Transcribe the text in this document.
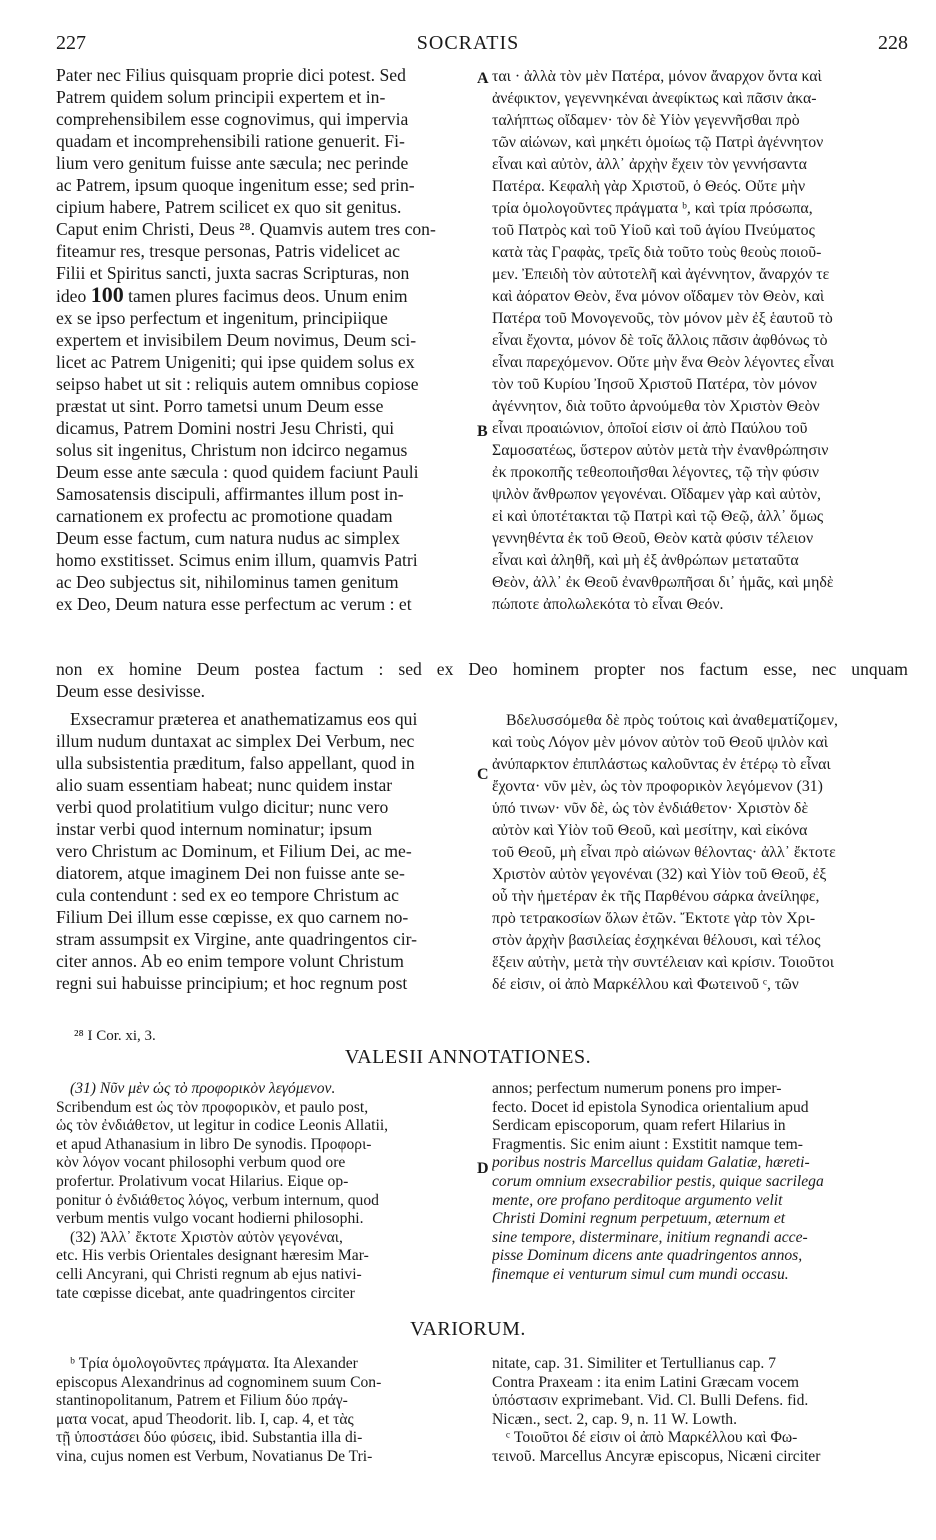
227	SOCRATIS	228
A
B
C
D
Pater nec Filius quisquam proprie dici potest. Sed
Patrem quidem solum principii expertem et in-
comprehensibilem esse cognovimus, qui impervia
quadam et incomprehensibili ratione genuerit. Fi-
lium vero genitum fuisse ante sæcula; nec perinde
ac Patrem, ipsum quoque ingenitum esse; sed prin-
cipium habere, Patrem scilicet ex quo sit genitus.
Caput enim Christi, Deus ²⁸. Quamvis autem tres con-
fiteamur res, tresque personas, Patris videlicet ac
Filii et Spiritus sancti, juxta sacras Scripturas, non
ideo 100 tamen plures facimus deos. Unum enim
ex se ipso perfectum et ingenitum, principiique
expertem et invisibilem Deum novimus, Deum sci-
licet ac Patrem Unigeniti; qui ipse quidem solus ex
seipso habet ut sit : reliquis autem omnibus copiose
præstat ut sint. Porro tametsi unum Deum esse
dicamus, Patrem Domini nostri Jesu Christi, qui
solus sit ingenitus, Christum non idcirco negamus
Deum esse ante sæcula : quod quidem faciunt Pauli
Samosatensis discipuli, affirmantes illum post in-
carnationem ex profectu ac promotione quadam
Deum esse factum, cum natura nudus ac simplex
homo exstitisset. Scimus enim illum, quamvis Patri
ac Deo subjectus sit, nihilominus tamen genitum
ex Deo, Deum natura esse perfectum ac verum : et
ται · ἀλλὰ τὸν μὲν Πατέρα, μόνον ἄναρχον ὄντα καὶ
ἀνέφικτον, γεγεννηκέναι ἀνεφίκτως καὶ πᾶσιν ἀκα-
ταλήπτως οἴδαμεν· τὸν δὲ Υἱὸν γεγεννῆσθαι πρὸ
τῶν αἰώνων, καὶ μηκέτι ὁμοίως τῷ Πατρὶ ἀγέννητον
εἶναι καὶ αὐτὸν, ἀλλ᾽ ἀρχὴν ἔχειν τὸν γεννήσαντα
Πατέρα. Κεφαλὴ γὰρ Χριστοῦ, ὁ Θεός. Οὔτε μὴν
τρία ὁμολογοῦντες πράγματα ᵇ, καὶ τρία πρόσωπα,
τοῦ Πατρὸς καὶ τοῦ Υἱοῦ καὶ τοῦ ἁγίου Πνεύματος
κατὰ τὰς Γραφὰς, τρεῖς διὰ τοῦτο τοὺς θεοὺς ποιοῦ-
μεν. Ἐπειδὴ τὸν αὐτοτελῆ καὶ ἀγέννητον, ἄναρχόν τε
καὶ ἀόρατον Θεὸν, ἕνα μόνον οἴδαμεν τὸν Θεὸν, καὶ
Πατέρα τοῦ Μονογενοῦς, τὸν μόνον μὲν ἐξ ἑαυτοῦ τὸ
εἶναι ἔχοντα, μόνον δὲ τοῖς ἄλλοις πᾶσιν ἀφθόνως τὸ
εἶναι παρεχόμενον. Οὔτε μὴν ἕνα Θεὸν λέγοντες εἶναι
τὸν τοῦ Κυρίου Ἰησοῦ Χριστοῦ Πατέρα, τὸν μόνον
ἀγέννητον, διὰ τοῦτο ἀρνούμεθα τὸν Χριστὸν Θεὸν
εἶναι προαιώνιον, ὁποῖοί εἰσιν οἱ ἀπὸ Παύλου τοῦ
Σαμοσατέως, ὕστερον αὐτὸν μετὰ τὴν ἐνανθρώπησιν
ἐκ προκοπῆς τεθεοποιῆσθαι λέγοντες, τῷ τὴν φύσιν
ψιλὸν ἄνθρωπον γεγονέναι. Οἴδαμεν γὰρ καὶ αὐτὸν,
εἰ καὶ ὑποτέτακται τῷ Πατρὶ καὶ τῷ Θεῷ, ἀλλ᾽ ὅμως
γεννηθέντα ἐκ τοῦ Θεοῦ, Θεὸν κατὰ φύσιν τέλειον
εἶναι καὶ ἀληθῆ, καὶ μὴ ἐξ ἀνθρώπων μεταταῦτα
Θεὸν, ἀλλ᾽ ἐκ Θεοῦ ἐνανθρωπῆσαι δι᾽ ἡμᾶς, καὶ μηδὲ
πώποτε ἀπολωλεκότα τὸ εἶναι Θεόν.
non ex homine Deum postea factum : sed ex Deo hominem propter nos factum esse, nec unquam
Deum esse desivisse.
Exsecramur præterea et anathematizamus eos qui
illum nudum duntaxat ac simplex Dei Verbum, nec
ulla subsistentia præditum, falso appellant, quod in
alio suam essentiam habeat; nunc quidem instar
verbi quod prolatitium vulgo dicitur; nunc vero
instar verbi quod internum nominatur; ipsum
vero Christum ac Dominum, et Filium Dei, ac me-
diatorem, atque imaginem Dei non fuisse ante se-
cula contendunt : sed ex eo tempore Christum ac
Filium Dei illum esse cœpisse, ex quo carnem no-
stram assumpsit ex Virgine, ante quadringentos cir-
citer annos. Ab eo enim tempore volunt Christum
regni sui habuisse principium; et hoc regnum post
Βδελυσσόμεθα δὲ πρὸς τούτοις καὶ ἀναθεματίζομεν,
καὶ τοὺς Λόγον μὲν μόνον αὐτὸν τοῦ Θεοῦ ψιλὸν καὶ
ἀνύπαρκτον ἐπιπλάστως καλοῦντας ἐν ἑτέρῳ τὸ εἶναι
ἔχοντα· νῦν μὲν, ὡς τὸν προφορικὸν λεγόμενον (31)
ὑπό τινων· νῦν δὲ, ὡς τὸν ἐνδιάθετον· Χριστὸν δὲ
αὐτὸν καὶ Υἱὸν τοῦ Θεοῦ, καὶ μεσίτην, καὶ εἰκόνα
τοῦ Θεοῦ, μὴ εἶναι πρὸ αἰώνων θέλοντας· ἀλλ᾽ ἔκτοτε
Χριστὸν αὐτὸν γεγονέναι (32) καὶ Υἱὸν τοῦ Θεοῦ, ἐξ
οὗ τὴν ἡμετέραν ἐκ τῆς Παρθένου σάρκα ἀνείληφε,
πρὸ τετρακοσίων ὅλων ἐτῶν. Ἔκτοτε γὰρ τὸν Χρι-
στὸν ἀρχὴν βασιλείας ἐσχηκέναι θέλουσι, καὶ τέλος
ἕξειν αὐτὴν, μετὰ τὴν συντέλειαν καὶ κρίσιν. Τοιοῦτοι
δέ εἰσιν, οἱ ἀπὸ Μαρκέλλου καὶ Φωτεινοῦ ᶜ, τῶν
²⁸ I Cor. xi, 3.
VALESII ANNOTATIONES.
(31) Νῦν μὲν ὡς τὸ προφορικὸν λεγόμενον.
Scribendum est ὡς τὸν προφορικὸν, et paulo post,
ὡς τὸν ἐνδιάθετον, ut legitur in codice Leonis Allatii,
et apud Athanasium in libro De synodis. Προφορι-
κὸν λόγον vocant philosophi verbum quod ore
profertur. Prolativum vocat Hilarius. Eique op-
ponitur ὁ ἐνδιάθετος λόγος, verbum internum, quod
verbum mentis vulgo vocant hodierni philosophi.
(32) Ἀλλ᾽ ἔκτοτε Χριστὸν αὐτὸν γεγονέναι,
etc. His verbis Orientales designant hæresim Mar-
celli Ancyrani, qui Christi regnum ab ejus nativi-
tate cœpisse dicebat, ante quadringentos circiter
annos; perfectum numerum ponens pro imper-
fecto. Docet id epistola Synodica orientalium apud
Serdicam episcoporum, quam refert Hilarius in
Fragmentis. Sic enim aiunt : Exstitit namque tem-
poribus nostris Marcellus quidam Galatiæ, hæreti-
corum omnium exsecrabilior pestis, quique sacrilega
mente, ore profano perditoque argumento velit
Christi Domini regnum perpetuum, æternum et
sine tempore, disterminare, initium regnandi acce-
pisse Dominum dicens ante quadringentos annos,
finemque ei venturum simul cum mundi occasu.
VARIORUM.
ᵇ Τρία ὁμολογοῦντες πράγματα. Ita Alexander
episcopus Alexandrinus ad cognominem suum Con-
stantinopolitanum, Patrem et Filium δύο πράγ-
ματα vocat, apud Theodorit. lib. I, cap. 4, et τὰς
τῇ ὑποστάσει δύο φύσεις, ibid. Substantia illa di-
vina, cujus nomen est Verbum, Novatianus De Tri-
nitate, cap. 31. Similiter et Tertullianus cap. 7
Contra Praxeam : ita enim Latini Græcam vocem
ὑπόστασιν exprimebant. Vid. Cl. Bulli Defens. fid.
Nicæn., sect. 2, cap. 9, n. 11 W. Lowth.
ᶜ Τοιοῦτοι δέ εἰσιν οἱ ἀπὸ Μαρκέλλου καὶ Φω-
τεινοῦ. Marcellus Ancyræ episcopus, Nicæni circiter
